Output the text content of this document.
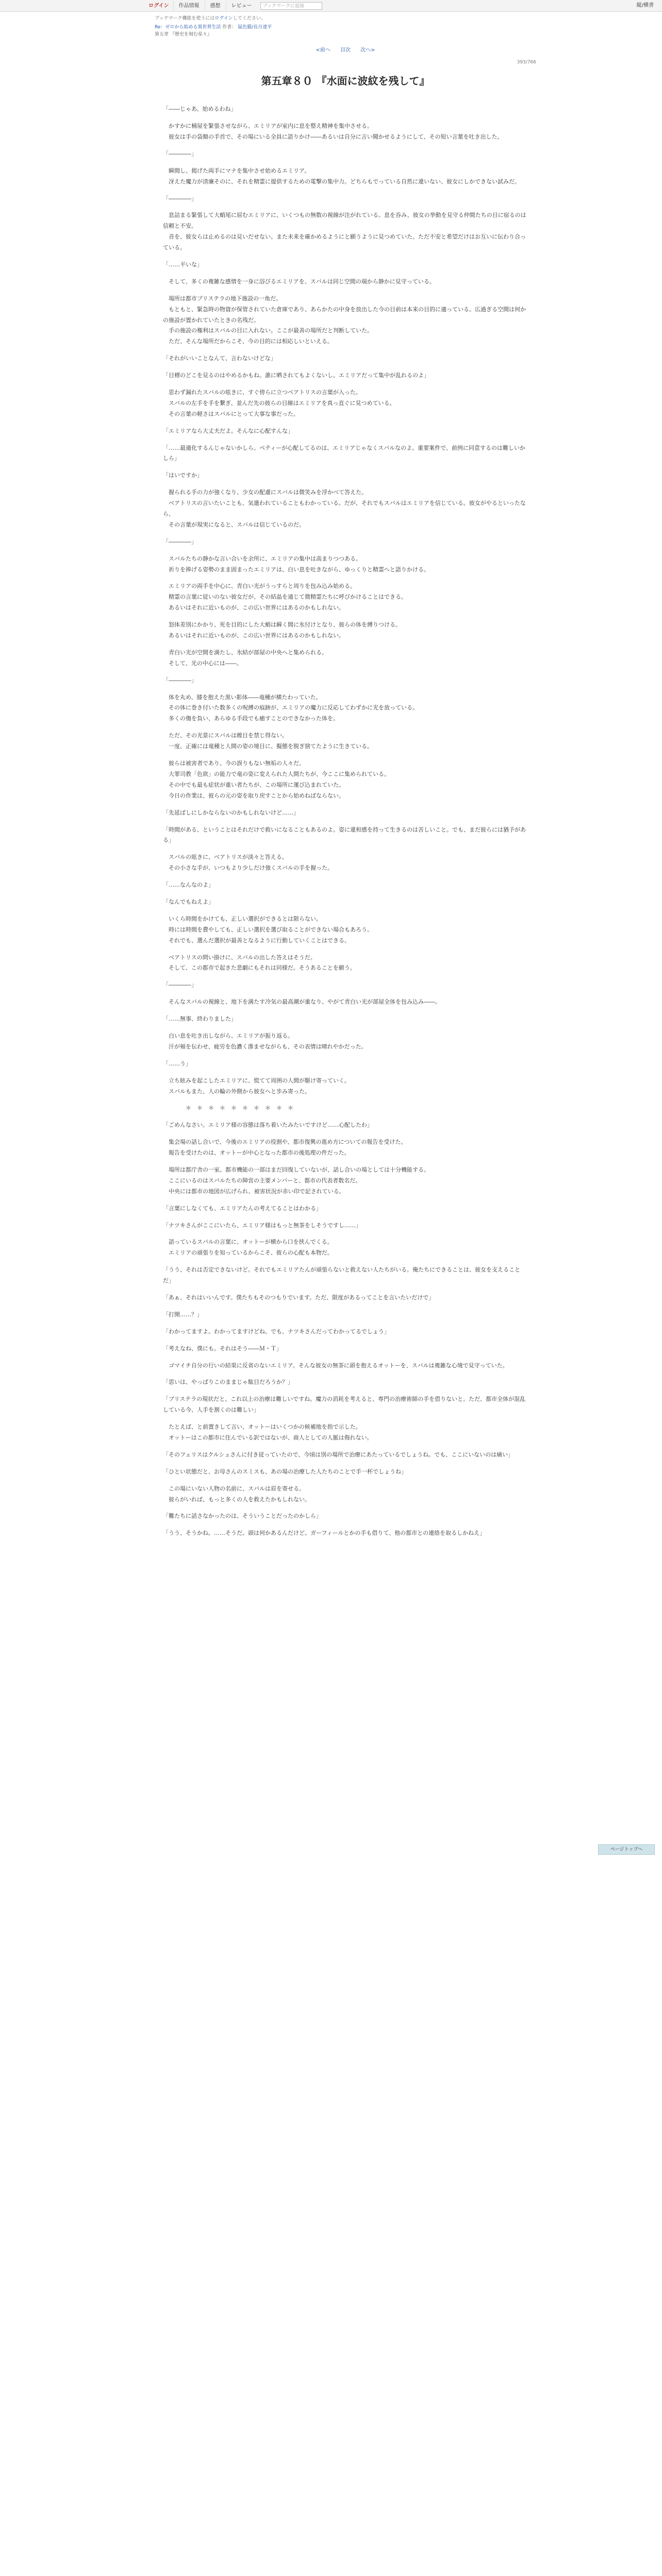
ログイン	作品情報	感想	レビュー	ブックマークに追加	縦/横書
ブックマーク機能を使うにはログインしてください。
Re：ゼロから始める異世界生活 作者： 鼠色猫/長月達平
第五章 『歴史を刻む星々』
<前へ 目次 次へ>
393/766
第五章８０ 『水面に波紋を残して』

「――じゃあ、始めるわね」

　かすかに桶屋を緊張させながら、エミリアが室内に息を整え精神を集中させる。

　彼女は手の袋額の手首で、その場にいる全員に語りかけ――あるいは自分に言い聞かせるようにして、その短い言葉を吐き出した。

「――――」

　瞬間し、掲げた両手にマナを集中させ始めるエミリア。

　冴えた魔力が清廉そのに、それを精霊に提供するための電撃の集中力。どちらもでっている自然に違いない、彼女にしかできない試みだ。

「――――」

　息詰まる緊張して大蛸尾に屈むエミリアに、いくつもの無数の視線が注がれている。息を呑み、彼女の挙動を見守る仲間たちの目に宿るのは信頼と不安。

　音を、彼女らは止めるのは見いだせない。また未来を確かめるようにと願うように見つめていた。ただ不安と希望だけはお互いに伝わり合っている。

「……平いな」

　そして、多くの複雑な感情を一身に浴びるエミリアを、スバルは同じ空間の端から静かに見守っている。

　場所は都市プリステラの地下施設の一角だ。

　もともと、緊急時の物資が保管されていた倉庫であり、あらかたの中身を放出した今の目前は本来の目的に適っている。広過ぎる空間は何かの施設が置かれていたときの名残だ。

　手の施設の権利はスバルの目に入れない。ここが最善の場所だと判断していた。

　ただ、そんな場所だからこそ、今の目的には相応しいといえる。

「それがいいことなんて、言わないけどな」

「目標のどこを見るのはやめるかもね。誰に晒されてもよくないし。エミリアだって集中が乱れるのよ」

　思わず漏れたスバルの呟きに、すぐ傍らに立つベアトリスの言葉が入った。

　スバルの左手を手を繋ぎ、並んだ先の彼らの目線はエミリアを真っ直ぐに見つめている。

　その言葉の軽さはスバルにとって大事な事だった。

「エミリアなら大丈夫だよ。そんなに心配すんな」

「……最適化するんじゃないかしら。ベティーが心配してるのは、エミリアじゃなくスバルなのよ。重要案件で、前例に同意するのは難しいかしら」

「はいですか」

　握られる手の力が強くなり、少女の配慮にスバルは微笑みを浮かべて答えた。

　ベアトリスの言いたいことも、気遣われていることもわかっている。だが、それでもスバルはエミリアを信じている。彼女がやるといったなら、

　その言葉が現実になると、スバルは信じているのだ。

「――――」

　スバルたちの静かな言い合いを余所に、エミリアの集中は高まりつつある。

　祈りを捧げる姿勢のまま固まったエミリアは、白い息を吐きながら、ゆっくりと精霊へと語りかける。

　エミリアの両手を中心に、青白い光がうっすらと周りを包み込み始める。

　精霊の言葉に従いのない彼女だが、その結晶を通じて微精霊たちに呼びかけることはできる。

　あるいはそれに近いものが、この広い世界にはあるのかもしれない。

　怒体差別にかかり、死を目的にした大蛸は瞬く間に氷付けとなり、彼らの体を縛りつける。

　あるいはそれに近いものが、この広い世界にはあるのかもしれない。

　青白い光が空間を満たし、氷結が部屋の中央へと集められる。

　そして、光の中心には――。

「――――」

　体を丸め、膝を抱えた黒い影体――竜種が横たわっていた。

　その体に巻き付いた数多くの呪縛の痕跡が、エミリアの魔力に反応してわずかに光を放っている。

　多くの傷を負い、あらゆる手段でも癒すことのできなかった体を。

　ただ、その光景にスバルは瞠目を禁じ得ない。

　一度、正確には竜種と人間の姿の境目に、擬態を脱ぎ捨てたように生きている。

　彼らは被害者であり、今の誤りもない無垢の人々だ。

　大罪司教「色欲」の能力で竜の姿に変えられた人間たちが、今ここに集められている。

　その中でも最も症状が重い者たちが、この場所に運び込まれていた。

　今日の作業は、彼らの元の姿を取り戻すことから始めねばならない。

「先延ばしにしかならないのかもしれないけど……」

「時間がある、ということはそれだけで救いになることもあるのよ。姿に違和感を持って生きるのは苦しいこと。でも、まだ彼らには猶予がある」

　スバルの呟きに、ベアトリスが淡々と答える。

　その小さな手が、いつもより少しだけ強くスバルの手を握った。

「……なんなのよ」

「なんでもねえよ」

　いくら時間をかけても、正しい選択ができるとは限らない。

　時には時間を費やしても、正しい選択を選び取ることができない場合もあろう。

　それでも、選んだ選択が最善となるように行動していくことはできる。

　ベアトリスの問い掛けに、スバルの出した答えはそうだ。

　そして、この都市で起きた悲劇にもそれは同様だ。そうあることを願う。

「――――」

　そんなスバルの視線と、地下を満たす冷気の最高潮が重なり、やがて青白い光が部屋全体を包み込み――。

「……無事、終わりました」

　白い息を吐き出しながら、エミリアが振り返る。

　汗が頬を伝わせ、疲労を色濃く滲ませながらも、その表情は晴れやかだった。

「……う」

　立ち眩みを起こしたエミリアに、慌てて周囲の人間が駆け寄っていく。

　スバルもまた、人の輪の外側から彼女へと歩み寄った。

　　　　＊　＊　＊　＊　＊　＊　＊　＊　＊　＊

「ごめんなさい。エミリア様の容態は落ち着いたみたいですけど……心配したわ」

　集会場の話し合いで、今後のエミリアの役割や、都市復興の進め方についての報告を受けた。

　報告を受けたのは、オットーが中心となった都市の後処理の件だった。

　場所は都庁舎の一室。都市機能の一部はまだ回復していないが、話し合いの場としては十分機能する。

　ここにいるのはスバルたちの陣営の主要メンバーと、都市の代表者数名だ。

　中央には都市の地図が広げられ、被害状況が赤い印で記されている。

「言葉にしなくても、エミリアたんの考えてることはわかる」

「ナツキさんがここにいたら、エミリア様はもっと無茶をしそうですし……」

　語っているスバルの言葉に、オットーが横から口を挟んでくる。

　エミリアの頑張りを知っているからこそ、彼らの心配も本物だ。

「うう、それは否定できないけど。それでもエミリアたんが頑張らないと救えない人たちがいる。俺たちにできることは、彼女を支えることだ」

「あぁ、それはいいんです。僕たちもそのつもりでいます。ただ、限度があるってことを言いたいだけで」

「打開……？」

「わかってますよ。わかってますけどね。でも、ナツキさんだってわかってるでしょう」

「考えなね、僕にも。それはそう――Ｍ・Ｔ」

　ゴマイチ自分の行いの結果に反省のないエミリア。そんな彼女の無茶に頭を抱えるオットーを、スバルは複雑な心境で見守っていた。

「思いは、やっぱりこのままじゃ駄目だろうか？」

「プリステラの現状だと、これ以上の治療は難しいですね。魔力の消耗を考えると、専門の治療術師の手を借りないと。ただ、都市全体が混乱している今、人手を割くのは難しい」

　たとえば、と前置きして言い、オットーはいくつかの候補地を指で示した。

　オットーはこの都市に住んでいる訳ではないが、商人としての人脈は侮れない。

「そのフェリスはクルシュさんに付き従っていたので、今頃は別の場所で治療にあたっているでしょうね。でも、ここにいないのは痛い」

「ひとい状態だと、お母さんのスミスも、あの場の治療した人たちのことで手一杯でしょうね」

　この場にいない人物の名前に、スバルは眉を寄せる。

　彼らがいれば、もっと多くの人を救えたかもしれない。

「難たちに話さなかったのは、そういうことだったのかしら」

「うう、そうかね。……そうだ。頭は何かあるんだけど。ガーフィールとかの手も借りて、他の都市との連絡を取るしかねえ」

ページトップへ
